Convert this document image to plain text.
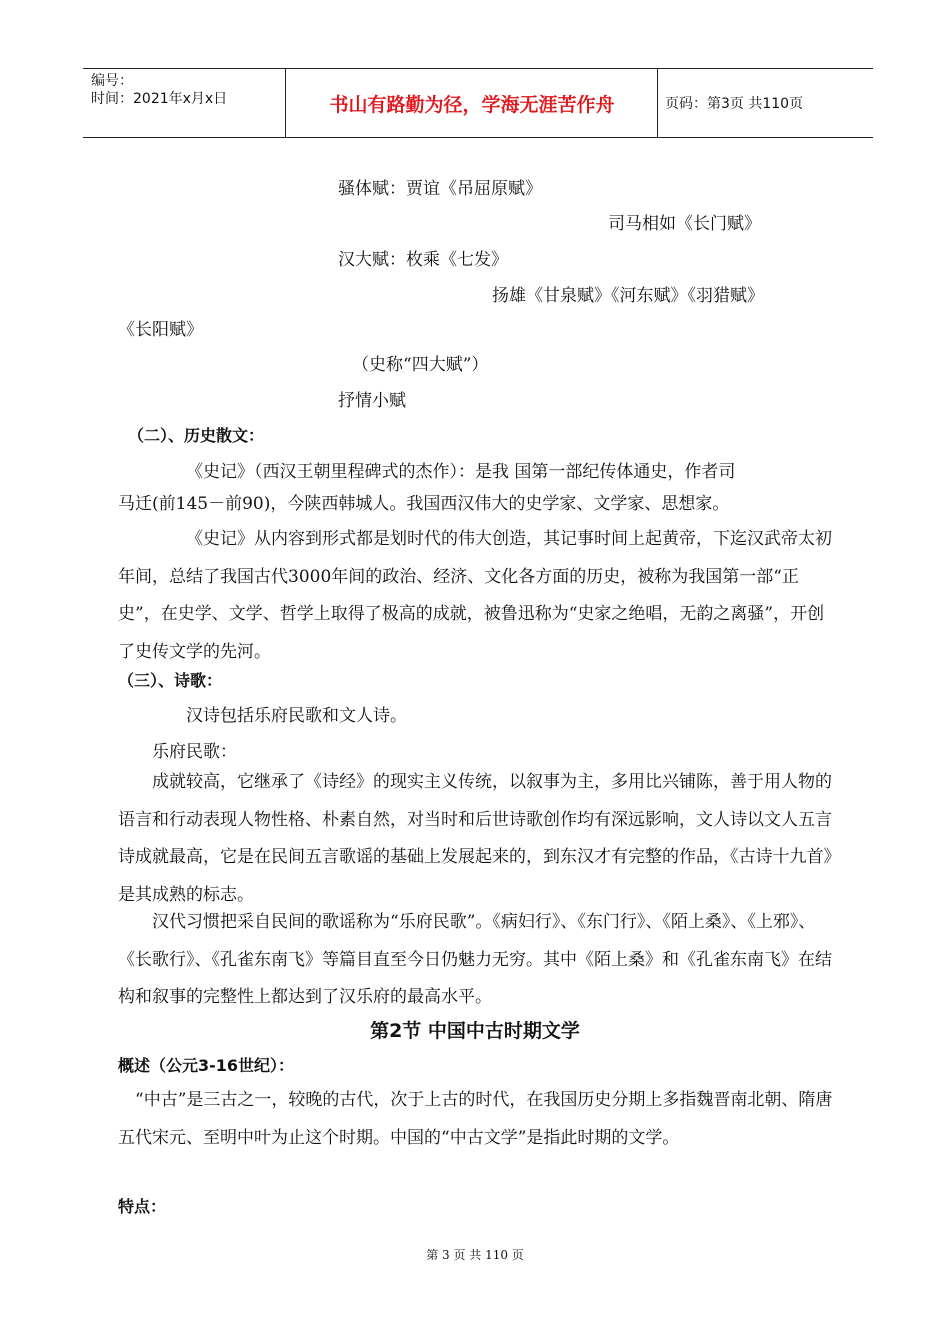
编号：
时间：2021年x月x日	书山有路勤为径，学海无涯苦作舟	页码：第3页 共110页
骚体赋：贾谊《吊屈原赋》
司马相如《长门赋》
汉大赋：枚乘《七发》
扬雄《甘泉赋》《河东赋》《羽猎赋》
《长阳赋》
（史称“四大赋”）
抒情小赋
（二）、历史散文：
《史记》（西汉王朝里程碑式的杰作）：是我 国第一部纪传体通史，作者司
马迁(前145－前90)，今陕西韩城人。我国西汉伟大的史学家、文学家、思想家。
《史记》从内容到形式都是划时代的伟大创造，其记事时间上起黄帝，下迄汉武帝太初年间，总结了我国古代3000年间的政治、经济、文化各方面的历史，被称为我国第一部“正史”，在史学、文学、哲学上取得了极高的成就，被鲁迅称为“史家之绝唱，无韵之离骚”，开创了史传文学的先河。
（三）、诗歌：
汉诗包括乐府民歌和文人诗。
乐府民歌：
成就较高，它继承了《诗经》的现实主义传统，以叙事为主，多用比兴铺陈，善于用人物的语言和行动表现人物性格、朴素自然，对当时和后世诗歌创作均有深远影响，文人诗以文人五言诗成就最高，它是在民间五言歌谣的基础上发展起来的，到东汉才有完整的作品，《古诗十九首》是其成熟的标志。
汉代习惯把采自民间的歌谣称为“乐府民歌”。《病妇行》、《东门行》、《陌上桑》、《上邪》、《长歌行》、《孔雀东南飞》等篇目直至今日仍魅力无穷。其中《陌上桑》和《孔雀东南飞》在结构和叙事的完整性上都达到了汉乐府的最高水平。
第2节 中国中古时期文学
概述（公元3-16世纪）：
“中古”是三古之一，较晚的古代，次于上古的时代，在我国历史分期上多指魏晋南北朝、隋唐五代宋元、至明中叶为止这个时期。中国的“中古文学”是指此时期的文学。
特点：
第 3 页 共 110 页
